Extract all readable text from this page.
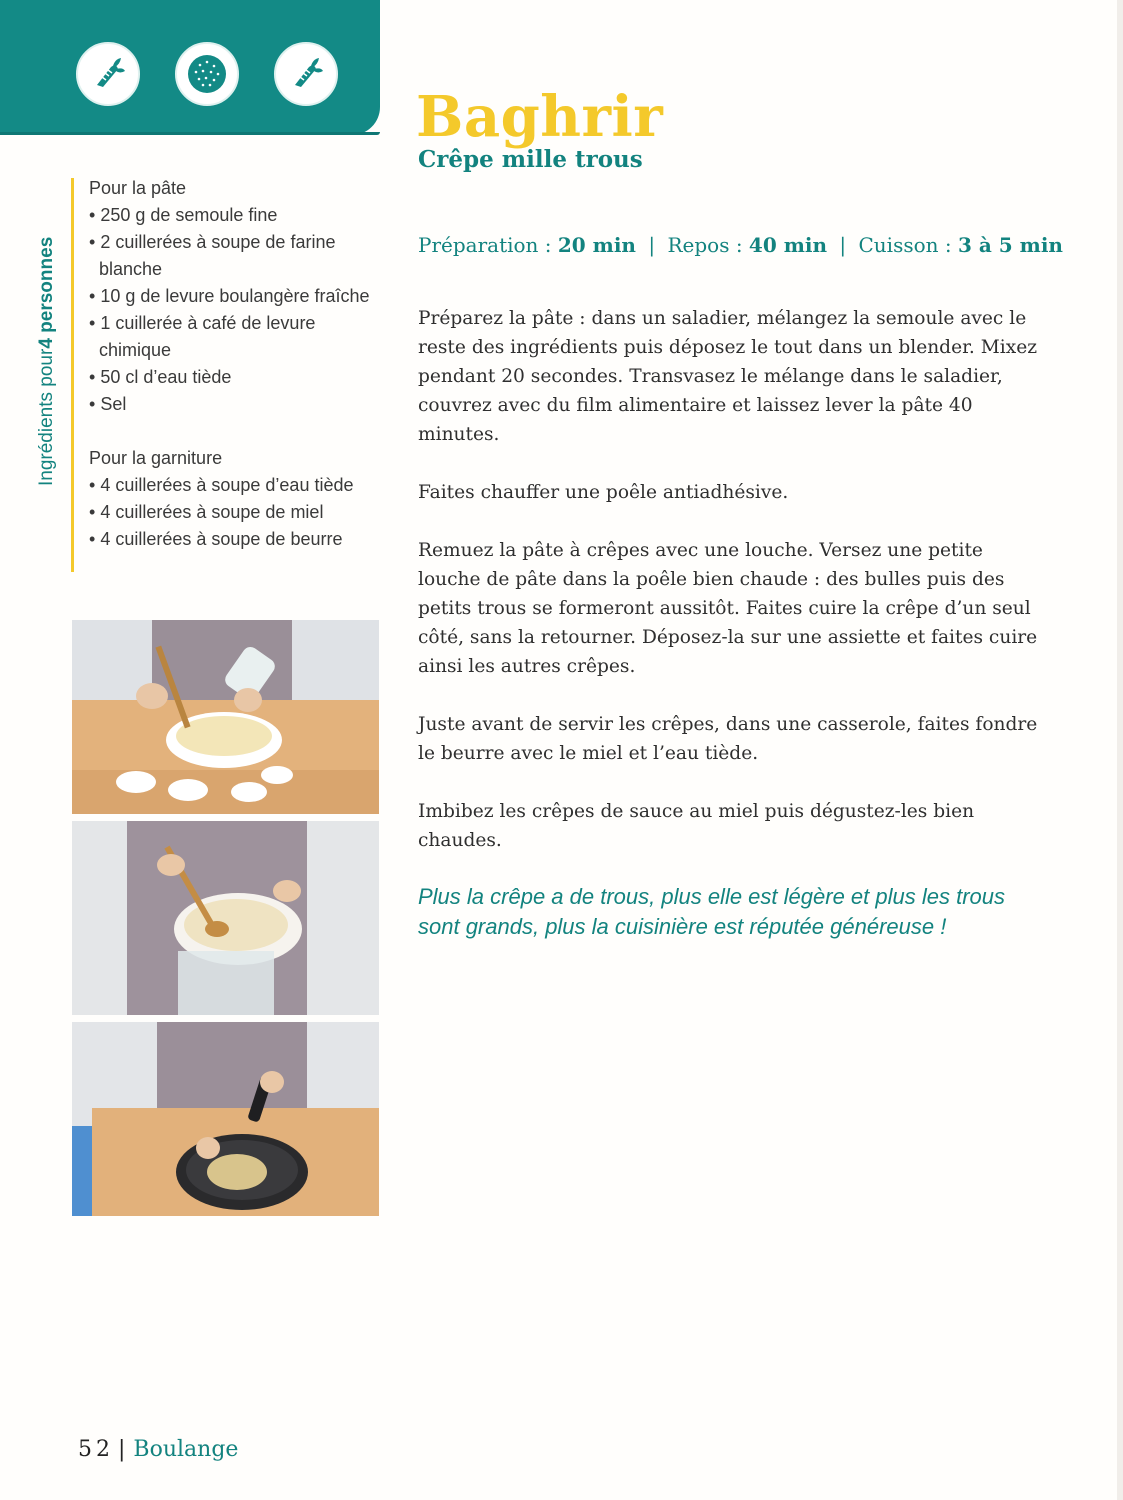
Baghrir
Crêpe mille trous
Préparation : 20 min | Repos : 40 min | Cuisson : 3 à 5 min
Ingrédients pour4 personnes

Pour la pâte

• 250 g de semoule fine
• 2 cuillerées à soupe de farine blanche
• 10 g de levure boulangère fraîche
• 1 cuillerée à café de levure chimique
• 50 cl d’eau tiède
• Sel

Pour la garniture

• 4 cuillerées à soupe d’eau tiède
• 4 cuillerées à soupe de miel
• 4 cuillerées à soupe de beurre

Préparez la pâte : dans un saladier, mélangez la semoule avec le reste des ingrédients puis déposez le tout dans un blender. Mixez pendant 20 secondes. Transvasez le mélange dans le saladier, couvrez avec du film alimentaire et laissez lever la pâte 40 minutes.

Faites chauffer une poêle antiadhésive.

Remuez la pâte à crêpes avec une louche. Versez une petite louche de pâte dans la poêle bien chaude : des bulles puis des petits trous se formeront aussitôt. Faites cuire la crêpe d’un seul côté, sans la retourner. Déposez-la sur une assiette et faites cuire ainsi les autres crêpes.

Juste avant de servir les crêpes, dans une casserole, faites fondre le beurre avec le miel et l’eau tiède.

Imbibez les crêpes de sauce au miel puis dégustez-les bien chaudes.

Plus la crêpe a de trous, plus elle est légère et plus les trous sont grands, plus la cuisinière est réputée généreuse !
52 | Boulange
